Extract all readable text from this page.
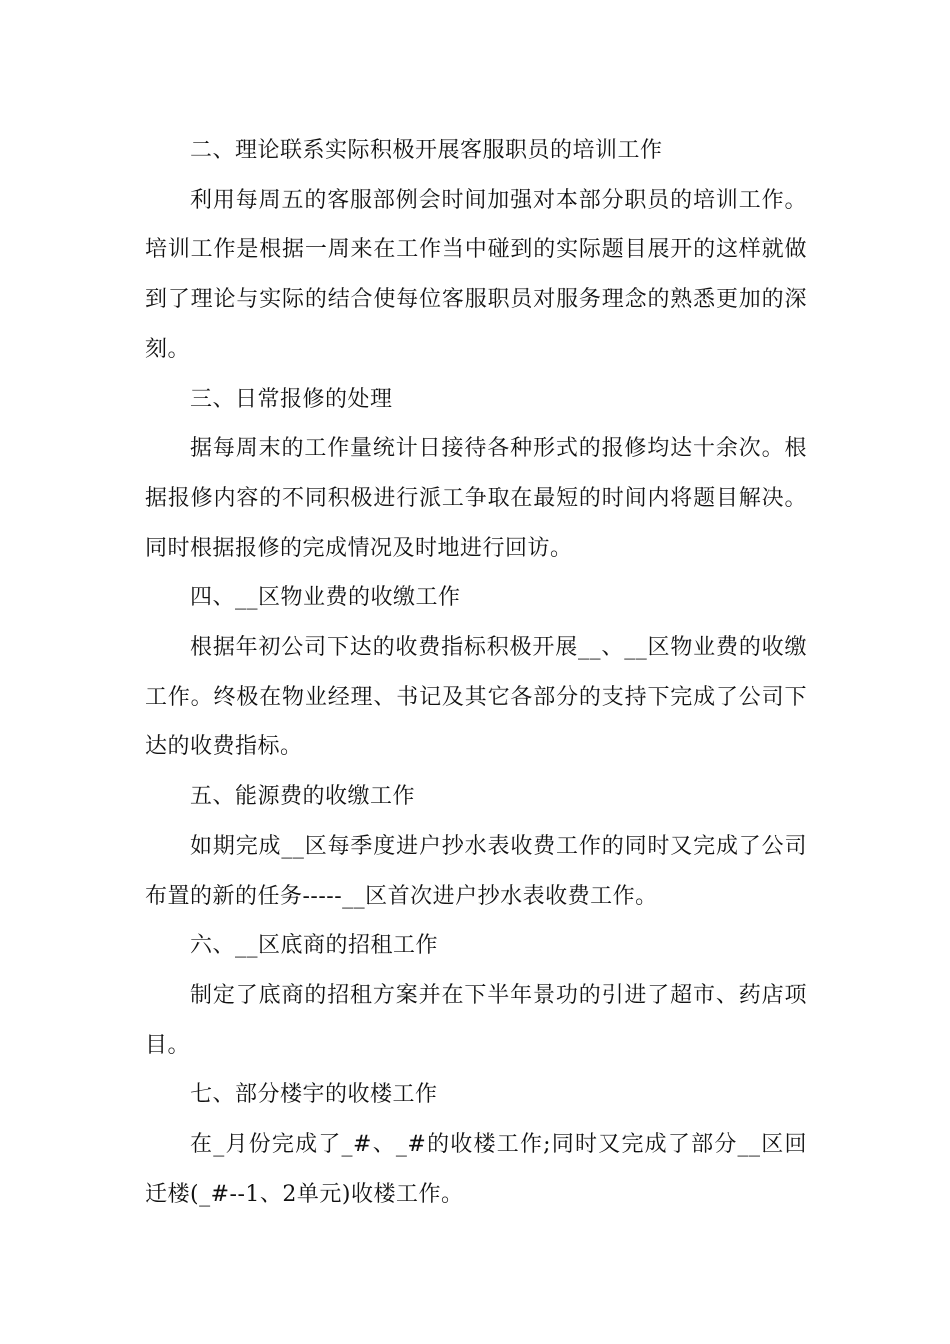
二、理论联系实际积极开展客服职员的培训工作

利用每周五的客服部例会时间加强对本部分职员的培训工作。培训工作是根据一周来在工作当中碰到的实际题目展开的这样就做到了理论与实际的结合使每位客服职员对服务理念的熟悉更加的深刻。

三、日常报修的处理

据每周末的工作量统计日接待各种形式的报修均达十余次。根据报修内容的不同积极进行派工争取在最短的时间内将题目解决。同时根据报修的完成情况及时地进行回访。

四、__区物业费的收缴工作

根据年初公司下达的收费指标积极开展__、__区物业费的收缴工作。终极在物业经理、书记及其它各部分的支持下完成了公司下达的收费指标。

五、能源费的收缴工作

如期完成__区每季度进户抄水表收费工作的同时又完成了公司布置的新的任务-----__区首次进户抄水表收费工作。

六、__区底商的招租工作

制定了底商的招租方案并在下半年景功的引进了超市、药店项目。

七、部分楼宇的收楼工作

在_月份完成了_#、_#的收楼工作;同时又完成了部分__区回迁楼(_#--1、2单元)收楼工作。
